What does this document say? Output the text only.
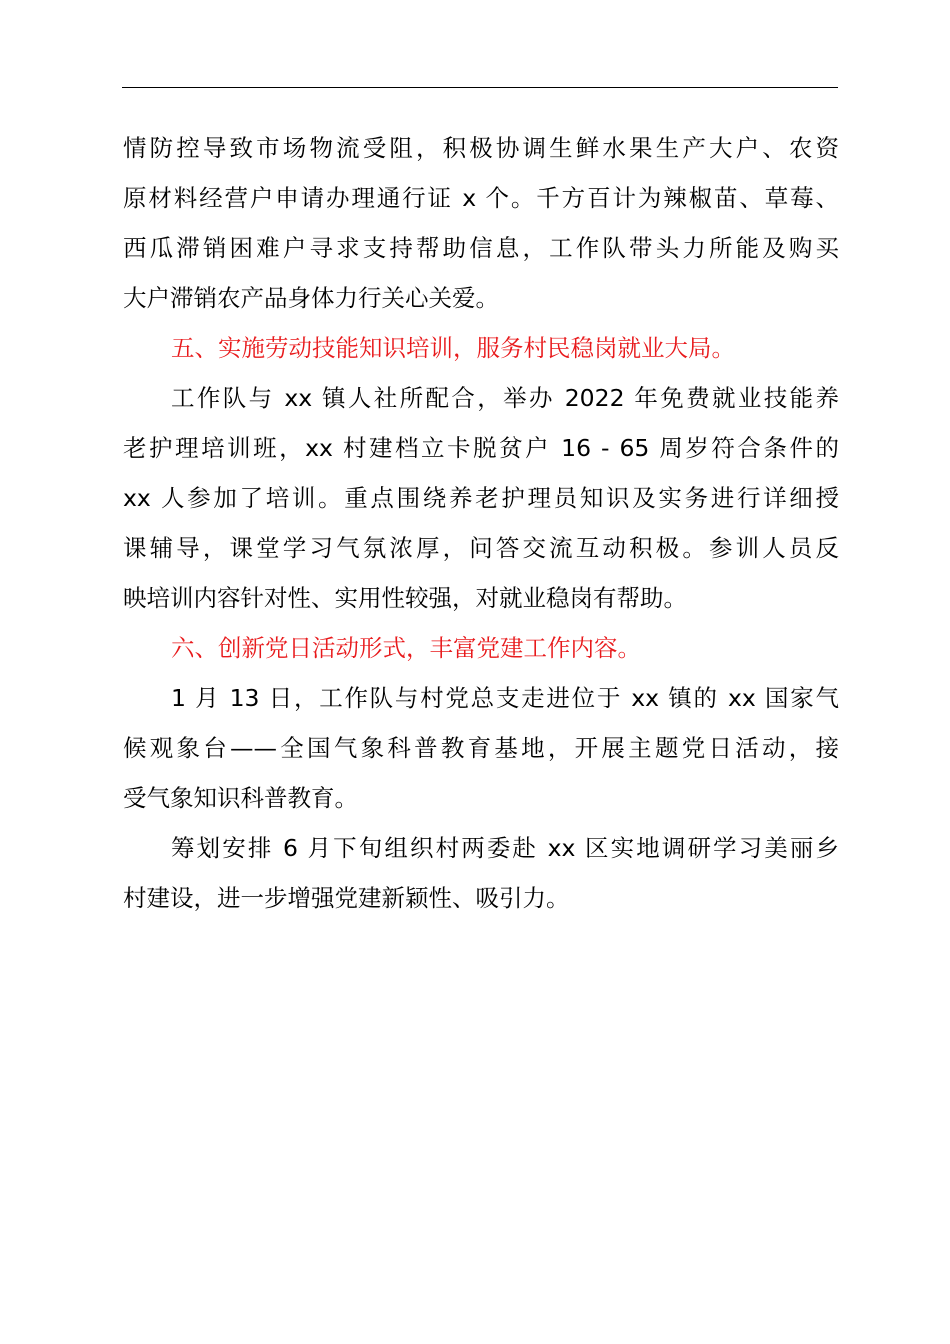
情防控导致市场物流受阻，积极协调生鲜水果生产大户、农资
原材料经营户申请办理通行证 x 个。千方百计为辣椒苗、草莓、
西瓜滞销困难户寻求支持帮助信息，工作队带头力所能及购买
大户滞销农产品身体力行关心关爱。
五、实施劳动技能知识培训，服务村民稳岗就业大局。
工作队与 xx 镇人社所配合，举办 2022 年免费就业技能养
老护理培训班，xx 村建档立卡脱贫户 16 - 65 周岁符合条件的
xx 人参加了培训。重点围绕养老护理员知识及实务进行详细授
课辅导，课堂学习气氛浓厚，问答交流互动积极。参训人员反
映培训内容针对性、实用性较强，对就业稳岗有帮助。
六、创新党日活动形式，丰富党建工作内容。
1 月 13 日，工作队与村党总支走进位于 xx 镇的 xx 国家气
候观象台——全国气象科普教育基地，开展主题党日活动，接
受气象知识科普教育。
筹划安排 6 月下旬组织村两委赴 xx 区实地调研学习美丽乡
村建设，进一步增强党建新颖性、吸引力。
